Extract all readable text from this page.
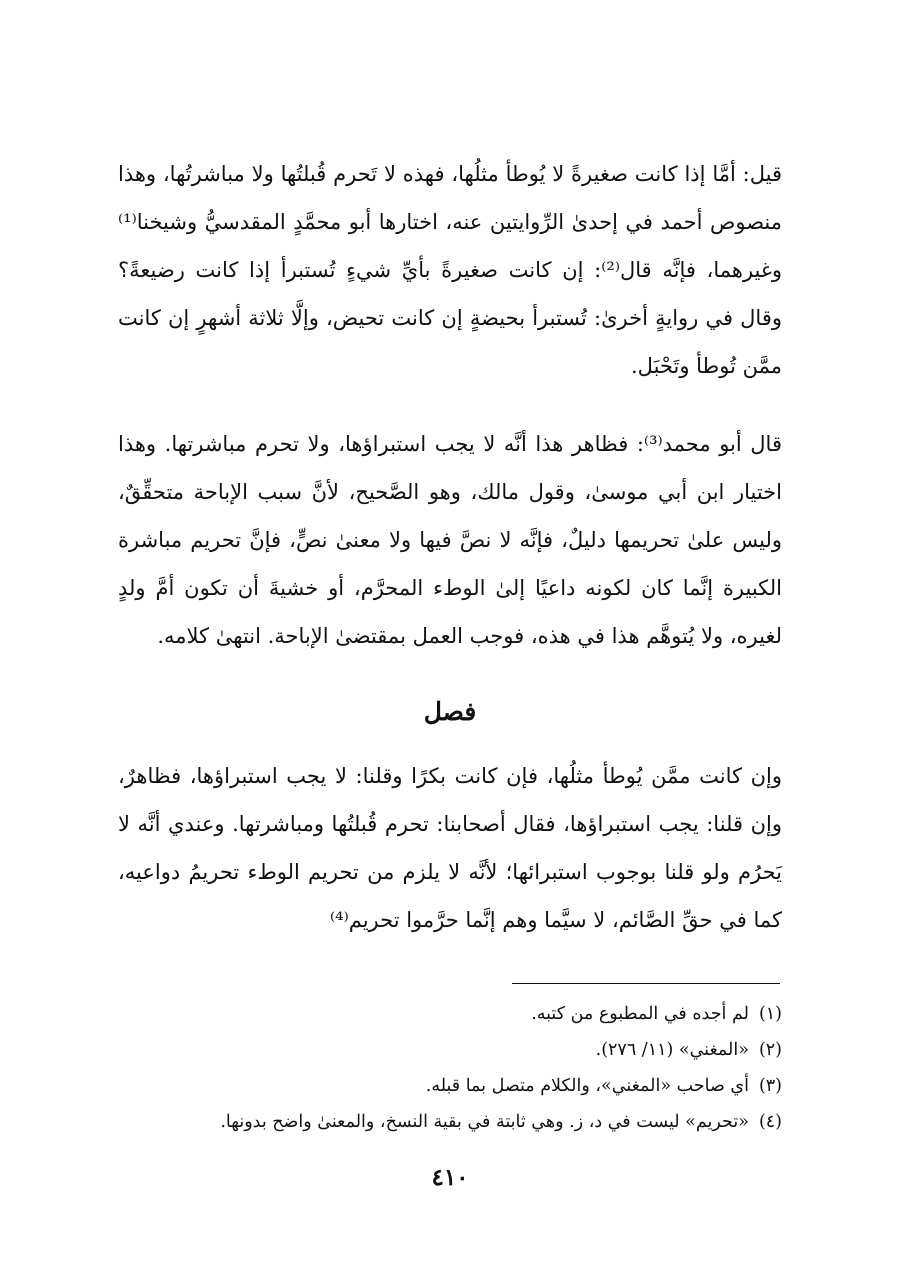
قيل: أمَّا إذا كانت صغيرةً لا يُوطأ مثلُها، فهذه لا تَحرم قُبلتُها ولا مباشرتُها، وهذا منصوص أحمد في إحدىٰ الرِّوايتين عنه، اختارها أبو محمَّدٍ المقدسيُّ وشيخنا⁽¹⁾ وغيرهما، فإنَّه قال⁽²⁾: إن كانت صغيرةً بأيِّ شيءٍ تُستبرأ إذا كانت رضيعةً؟ وقال في روايةٍ أخرىٰ: تُستبرأ بحيضةٍ إن كانت تحيض، وإلَّا ثلاثة أشهرٍ إن كانت ممَّن تُوطأ وتَحْبَل.

قال أبو محمد⁽³⁾: فظاهر هذا أنَّه لا يجب استبراؤها، ولا تحرم مباشرتها. وهذا اختيار ابن أبي موسىٰ، وقول مالك، وهو الصَّحيح، لأنَّ سبب الإباحة متحقِّقٌ، وليس علىٰ تحريمها دليلٌ، فإنَّه لا نصَّ فيها ولا معنىٰ نصٍّ، فإنَّ تحريم مباشرة الكبيرة إنَّما كان لكونه داعيًا إلىٰ الوطء المحرَّم، أو خشيةَ أن تكون أمَّ ولدٍ لغيره، ولا يُتوهَّم هذا في هذه، فوجب العمل بمقتضىٰ الإباحة. انتهىٰ كلامه.

فصل

وإن كانت ممَّن يُوطأ مثلُها، فإن كانت بكرًا وقلنا: لا يجب استبراؤها، فظاهرٌ، وإن قلنا: يجب استبراؤها، فقال أصحابنا: تحرم قُبلتُها ومباشرتها. وعندي أنَّه لا يَحرُم ولو قلنا بوجوب استبرائها؛ لأنَّه لا يلزم من تحريم الوطء تحريمُ دواعيه، كما في حقِّ الصَّائم، لا سيَّما وهم إنَّما حرَّموا تحريم⁽⁴⁾

(١)لم أجده في المطبوع من كتبه.

(٢)«المغني» (١١/ ٢٧٦).

(٣)أي صاحب «المغني»، والكلام متصل بما قبله.

(٤)«تحريم» ليست في د، ز. وهي ثابتة في بقية النسخ، والمعنىٰ واضح بدونها.

٤١٠
